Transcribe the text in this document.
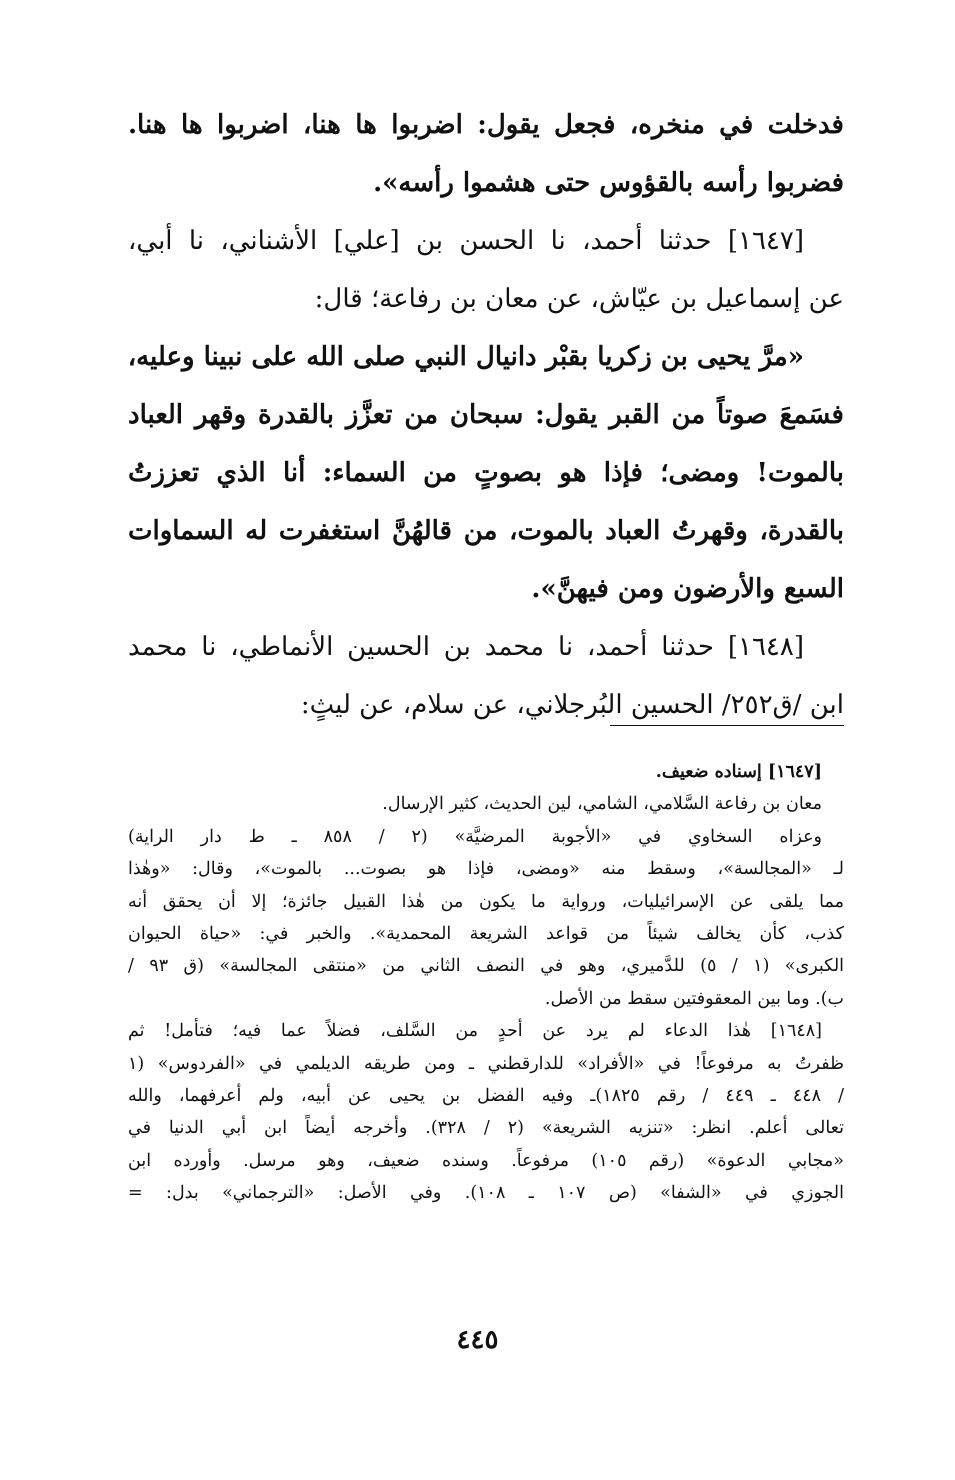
فدخلت في منخره، فجعل يقول: اضربوا ها هنا، اضربوا ها هنا.
فضربوا رأسه بالقؤوس حتى هشموا رأسه».
[١٦٤٧] حدثنا أحمد، نا الحسن بن [علي] الأشناني، نا أبي،
عن إسماعيل بن عيّاش، عن معان بن رفاعة؛ قال:
«مرَّ يحيى بن زكريا بقبْر دانيال النبي صلى الله على نبينا وعليه،
فسَمعَ صوتاً من القبر يقول: سبحان من تعزَّز بالقدرة وقهر العباد
بالموت! ومضى؛ فإذا هو بصوتٍ من السماء: أنا الذي تعززتُ
بالقدرة، وقهرتُ العباد بالموت، من قالهُنَّ استغفرت له السماوات
السبع والأرضون ومن فيهنَّ».
[١٦٤٨] حدثنا أحمد، نا محمد بن الحسين الأنماطي، نا محمد
ابن /ق٢٥٢/ الحسين البُرجلاني، عن سلام، عن ليثٍ:
[١٦٤٧] إسناده ضعيف.
معان بن رفاعة السَّلامي، الشامي، لين الحديث، كثير الإرسال.
وعزاه السخاوي في «الأجوبة المرضيَّة» (٢ / ٨٥٨ ـ ط دار الراية)
لـ «المجالسة»، وسقط منه «ومضى، فإذا هو بصوت... بالموت»، وقال: «وهٰذا
مما يلقى عن الإسرائيليات، ورواية ما يكون من هٰذا القبيل جائزة؛ إلا أن يحقق أنه
كذب، كأن يخالف شيئاً من قواعد الشريعة المحمدية». والخبر في: «حياة الحيوان
الكبرى» (١ / ٥) للدَّميري، وهو في النصف الثاني من «منتقى المجالسة» (ق ٩٣ /
ب). وما بين المعقوفتين سقط من الأصل.
[١٦٤٨] هٰذا الدعاء لم يرد عن أحدٍ من السَّلف، فضلاً عما فيه؛ فتأمل! ثم
ظفرتُ به مرفوعاً! في «الأفراد» للدارقطني ـ ومن طريقه الديلمي في «الفردوس» (١
/ ٤٤٨ ـ ٤٤٩ / رقم ١٨٢٥)ـ وفيه الفضل بن يحيى عن أبيه، ولم أعرفهما، والله
تعالى أعلم. انظر: «تنزيه الشريعة» (٢ / ٣٢٨). وأخرجه أيضاً ابن أبي الدنيا في
«مجابي الدعوة» (رقم ١٠٥) مرفوعاً. وسنده ضعيف، وهو مرسل. وأورده ابن
الجوزي في «الشفا» (ص ١٠٧ ـ ١٠٨). وفي الأصل: «الترجماني» بدل: =
٤٤٥
